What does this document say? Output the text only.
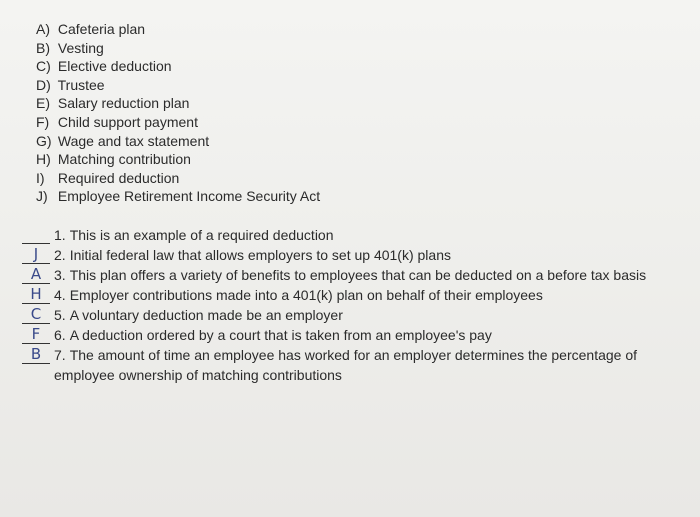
A) Cafeteria plan
B) Vesting
C) Elective deduction
D) Trustee
E) Salary reduction plan
F) Child support payment
G) Wage and tax statement
H) Matching contribution
I) Required deduction
J) Employee Retirement Income Security Act
1. This is an example of a required deduction
J	2. Initial federal law that allows employers to set up 401(k) plans
A 3. This plan offers a variety of benefits to employees that can be deducted on a before tax basis
H 4. Employer contributions made into a 401(k) plan on behalf of their employees
C 5. A voluntary deduction made be an employer
F 6. A deduction ordered by a court that is taken from an employee's pay
B 7. The amount of time an employee has worked for an employer determines the percentage of employee ownership of matching contributions
